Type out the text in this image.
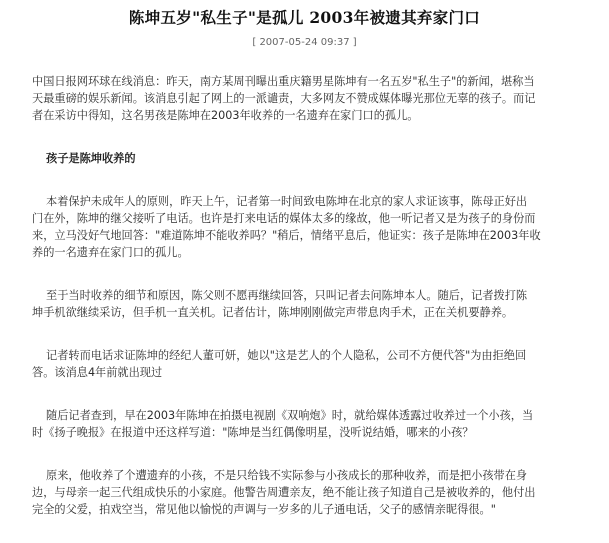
陈坤五岁"私生子"是孤儿 2003年被遗其弃家门口
[ 2007-05-24 09:37 ]
中国日报网环球在线消息：昨天，南方某周刊曝出重庆籍男星陈坤有一名五岁"私生子"的新闻，堪称当
天最重磅的娱乐新闻。该消息引起了网上的一派谴责，大多网友不赞成媒体曝光那位无辜的孩子。而记
者在采访中得知，这名男孩是陈坤在2003年收养的一名遗弃在家门口的孤儿。
孩子是陈坤收养的
本着保护未成年人的原则，昨天上午，记者第一时间致电陈坤在北京的家人求证该事，陈母正好出
门在外，陈坤的继父接听了电话。也许是打来电话的媒体太多的缘故，他一听记者又是为孩子的身份而
来，立马没好气地回答："难道陈坤不能收养吗？"稍后，情绪平息后，他证实：孩子是陈坤在2003年收
养的一名遗弃在家门口的孤儿。
至于当时收养的细节和原因，陈父则不愿再继续回答，只叫记者去问陈坤本人。随后，记者拨打陈
坤手机欲继续采访，但手机一直关机。记者估计，陈坤刚刚做完声带息肉手术，正在关机要静养。
记者转而电话求证陈坤的经纪人董可妍，她以"这是艺人的个人隐私，公司不方便代答"为由拒绝回
答。该消息4年前就出现过
随后记者查到，早在2003年陈坤在拍摄电视剧《双响炮》时，就给媒体透露过收养过一个小孩，当
时《扬子晚报》在报道中还这样写道："陈坤是当红偶像明星，没听说结婚，哪来的小孩？
原来，他收养了个遭遗弃的小孩，不是只给钱不实际参与小孩成长的那种收养，而是把小孩带在身
边，与母亲一起三代组成快乐的小家庭。他警告周遭亲友，绝不能让孩子知道自己是被收养的，他付出
完全的父爱，拍戏空当，常见他以愉悦的声调与一岁多的儿子通电话，父子的感情亲昵得很。"
